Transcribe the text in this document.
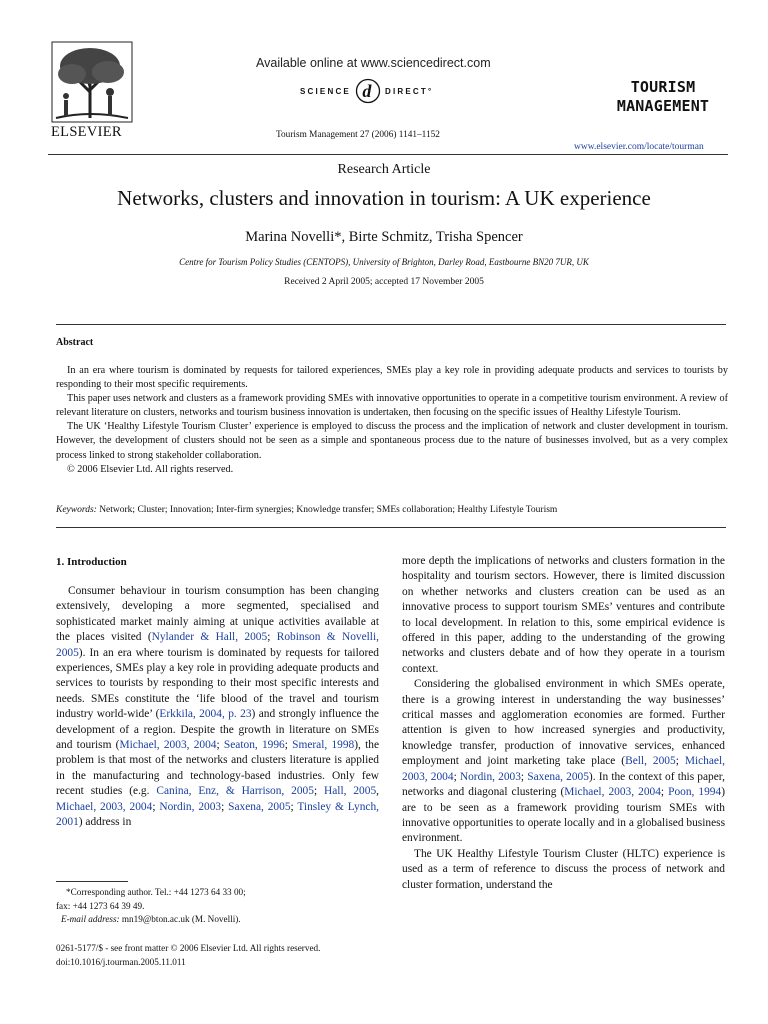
ELSEVIER
Available online at www.sciencedirect.com
SCIENCE d DIRECT°
Tourism Management 27 (2006) 1141–1152
TOURISM
MANAGEMENT
www.elsevier.com/locate/tourman
Research Article
Networks, clusters and innovation in tourism: A UK experience
Marina Novelli*, Birte Schmitz, Trisha Spencer
Centre for Tourism Policy Studies (CENTOPS), University of Brighton, Darley Road, Eastbourne BN20 7UR, UK
Received 2 April 2005; accepted 17 November 2005
Abstract

In an era where tourism is dominated by requests for tailored experiences, SMEs play a key role in providing adequate products and services to tourists by responding to their most specific requirements.

This paper uses network and clusters as a framework providing SMEs with innovative opportunities to operate in a competitive tourism environment. A review of relevant literature on clusters, networks and tourism business innovation is undertaken, then focusing on the specific issues of Healthy Lifestyle Tourism.

The UK ‘Healthy Lifestyle Tourism Cluster’ experience is employed to discuss the process and the implication of network and cluster development in tourism. However, the development of clusters should not be seen as a simple and spontaneous process due to the nature of businesses involved, but as a very complex process linked to strong stakeholder collaboration.

© 2006 Elsevier Ltd. All rights reserved.

Keywords: Network; Cluster; Innovation; Inter-firm synergies; Knowledge transfer; SMEs collaboration; Healthy Lifestyle Tourism
1. Introduction

Consumer behaviour in tourism consumption has been changing extensively, developing a more segmented, specialised and sophisticated market mainly aiming at unique activities available at the places visited (Nylander & Hall, 2005; Robinson & Novelli, 2005). In an era where tourism is dominated by requests for tailored experiences, SMEs play a key role in providing adequate products and services to tourists by responding to their most specific interests and needs. SMEs constitute the ‘life blood of the travel and tourism industry world-wide’ (Erkkila, 2004, p. 23) and strongly influence the development of a region. Despite the growth in literature on SMEs and tourism (Michael, 2003, 2004; Seaton, 1996; Smeral, 1998), the problem is that most of the networks and clusters literature is applied in the manufacturing and technology-based industries. Only few recent studies (e.g. Canina, Enz, & Harrison, 2005; Hall, 2005, Michael, 2003, 2004; Nordin, 2003; Saxena, 2005; Tinsley & Lynch, 2001) address in

more depth the implications of networks and clusters formation in the hospitality and tourism sectors. However, there is limited discussion on whether networks and clusters creation can be used as an innovative process to support tourism SMEs’ ventures and contribute to local development. In relation to this, some empirical evidence is offered in this paper, adding to the understanding of the growing networks and clusters debate and of how they operate in a tourism context.

Considering the globalised environment in which SMEs operate, there is a growing interest in understanding the way businesses’ critical masses and agglomeration economies are formed. Further attention is given to how increased synergies and productivity, knowledge transfer, production of innovative services, enhanced employment and joint marketing take place (Bell, 2005; Michael, 2003, 2004; Nordin, 2003; Saxena, 2005). In the context of this paper, networks and diagonal clustering (Michael, 2003, 2004; Poon, 1994) are to be seen as a framework providing tourism SMEs with innovative opportunities to operate locally and in a globalised business environment.

The UK Healthy Lifestyle Tourism Cluster (HLTC) experience is used as a term of reference to discuss the process of network and cluster formation, understand the

*Corresponding author. Tel.: +44 1273 64 33 00;
fax: +44 1273 64 39 49.
E-mail address: mn19@bton.ac.uk (M. Novelli).
0261-5177/$ - see front matter © 2006 Elsevier Ltd. All rights reserved.
doi:10.1016/j.tourman.2005.11.011
